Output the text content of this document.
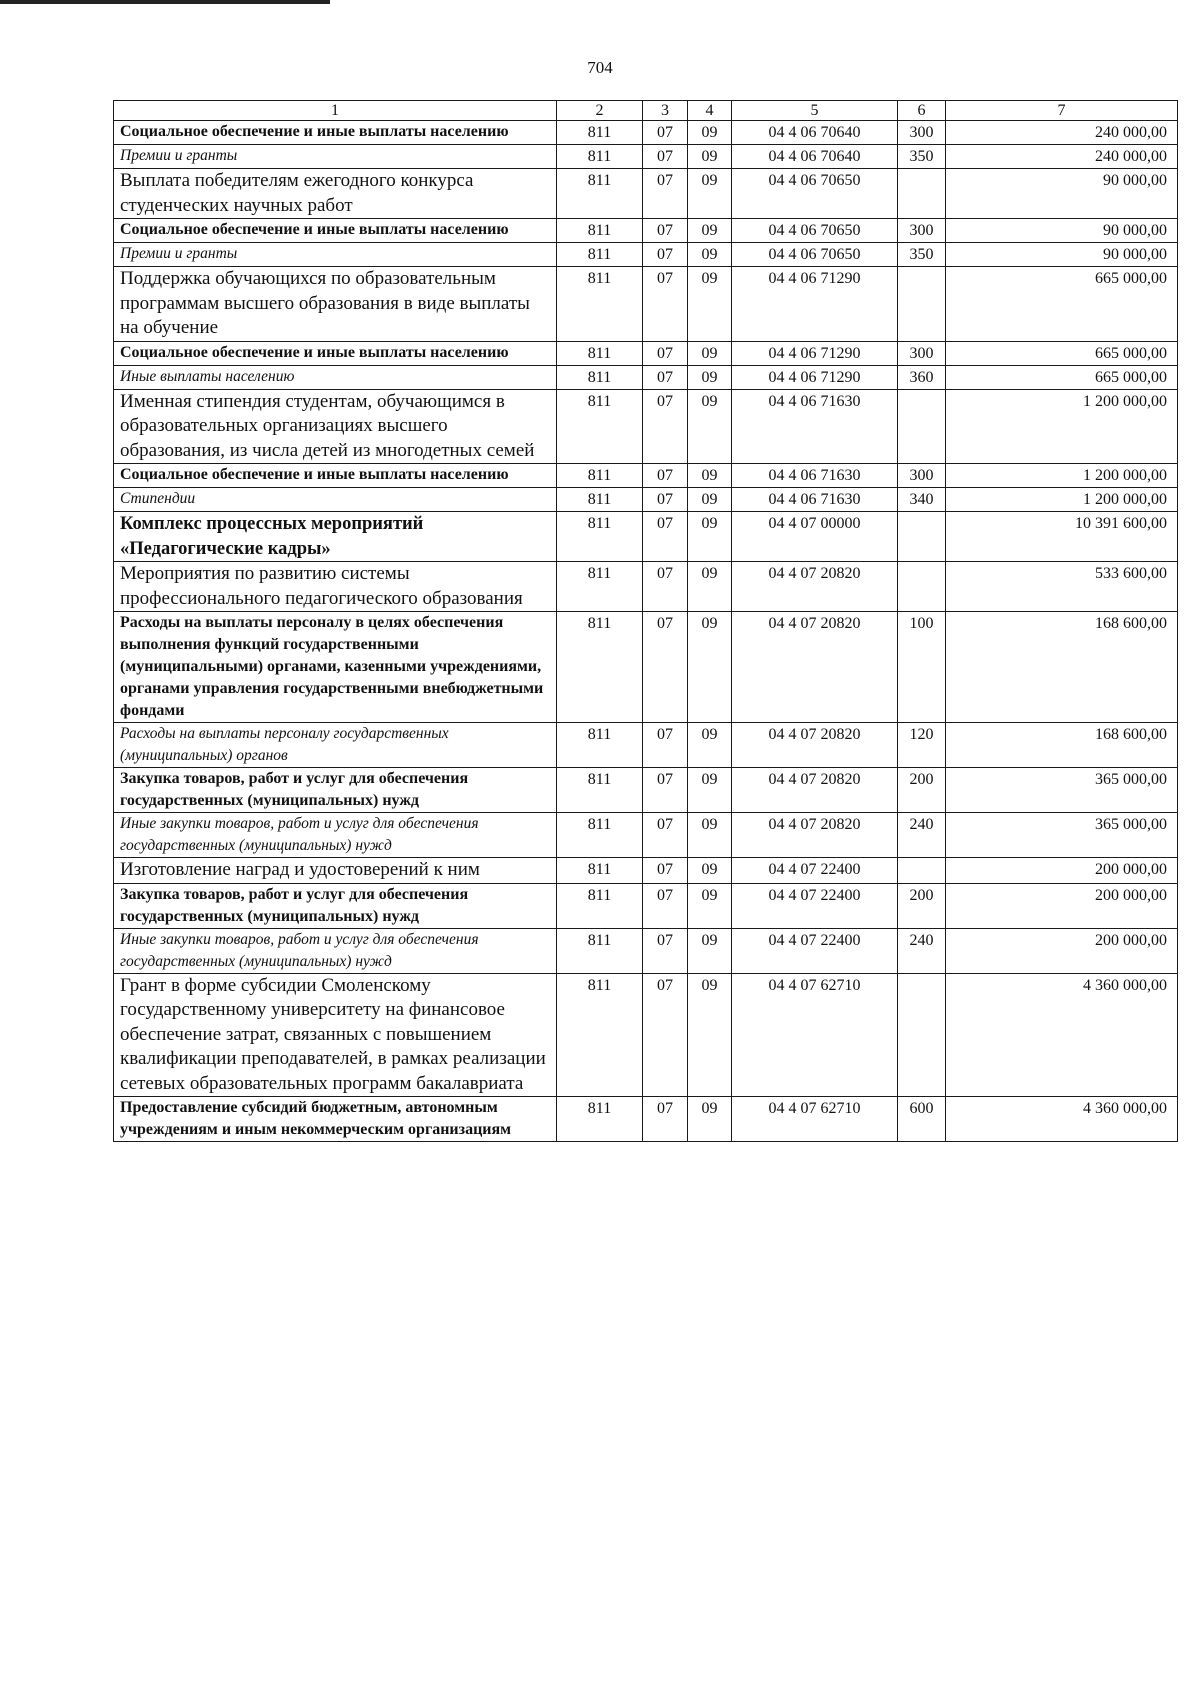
704
1	2	3	4	5	6	7
Социальное обеспечение и иные выплаты населению	811	07	09	04 4 06 70640	300	240 000,00
Премии и гранты	811	07	09	04 4 06 70640	350	240 000,00
Выплата победителям ежегодного конкурса студенческих научных работ	811	07	09	04 4 06 70650		90 000,00
Социальное обеспечение и иные выплаты населению	811	07	09	04 4 06 70650	300	90 000,00
Премии и гранты	811	07	09	04 4 06 70650	350	90 000,00
Поддержка обучающихся по образовательным программам высшего образования в виде выплаты на обучение	811	07	09	04 4 06 71290		665 000,00
Социальное обеспечение и иные выплаты населению	811	07	09	04 4 06 71290	300	665 000,00
Иные выплаты населению	811	07	09	04 4 06 71290	360	665 000,00
Именная стипендия студентам, обучающимся в образовательных организациях высшего образования, из числа детей из многодетных семей	811	07	09	04 4 06 71630		1 200 000,00
Социальное обеспечение и иные выплаты населению	811	07	09	04 4 06 71630	300	1 200 000,00
Стипендии	811	07	09	04 4 06 71630	340	1 200 000,00
Комплекс процессных мероприятий «Педагогические кадры»	811	07	09	04 4 07 00000		10 391 600,00
Мероприятия по развитию системы профессионального педагогического образования	811	07	09	04 4 07 20820		533 600,00
Расходы на выплаты персоналу в целях обеспечения выполнения функций государственными (муниципальными) органами, казенными учреждениями, органами управления государственными внебюджетными фондами	811	07	09	04 4 07 20820	100	168 600,00
Расходы на выплаты персоналу государственных (муниципальных) органов	811	07	09	04 4 07 20820	120	168 600,00
Закупка товаров, работ и услуг для обеспечения государственных (муниципальных) нужд	811	07	09	04 4 07 20820	200	365 000,00
Иные закупки товаров, работ и услуг для обеспечения государственных (муниципальных) нужд	811	07	09	04 4 07 20820	240	365 000,00
Изготовление наград и удостоверений к ним	811	07	09	04 4 07 22400		200 000,00
Закупка товаров, работ и услуг для обеспечения государственных (муниципальных) нужд	811	07	09	04 4 07 22400	200	200 000,00
Иные закупки товаров, работ и услуг для обеспечения государственных (муниципальных) нужд	811	07	09	04 4 07 22400	240	200 000,00
Грант в форме субсидии Смоленскому государственному университету на финансовое обеспечение затрат, связанных с повышением квалификации преподавателей, в рамках реализации сетевых образовательных программ бакалавриата	811	07	09	04 4 07 62710		4 360 000,00
Предоставление субсидий бюджетным, автономным учреждениям и иным некоммерческим организациям	811	07	09	04 4 07 62710	600	4 360 000,00
